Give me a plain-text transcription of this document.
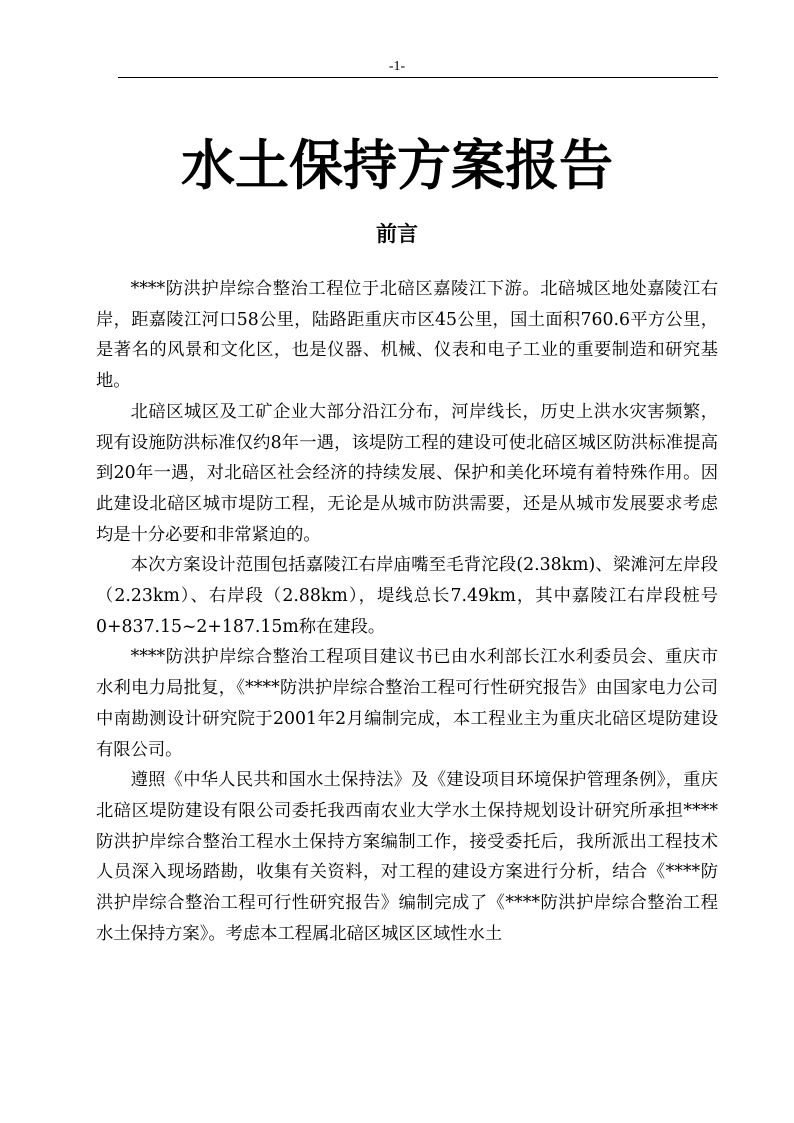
-1-
水土保持方案报告
前言

****防洪护岸综合整治工程位于北碚区嘉陵江下游。北碚城区地处嘉陵江右岸，距嘉陵江河口58公里，陆路距重庆市区45公里，国土面积760.6平方公里，是著名的风景和文化区，也是仪器、机械、仪表和电子工业的重要制造和研究基地。

北碚区城区及工矿企业大部分沿江分布，河岸线长，历史上洪水灾害频繁，现有设施防洪标准仅约8年一遇，该堤防工程的建设可使北碚区城区防洪标准提高到20年一遇，对北碚区社会经济的持续发展、保护和美化环境有着特殊作用。因此建设北碚区城市堤防工程，无论是从城市防洪需要，还是从城市发展要求考虑均是十分必要和非常紧迫的。

本次方案设计范围包括嘉陵江右岸庙嘴至毛背沱段(2.38km)、梁滩河左岸段（2.23km）、右岸段（2.88km），堤线总长7.49km，其中嘉陵江右岸段桩号0+837.15~2+187.15m称在建段。

****防洪护岸综合整治工程项目建议书已由水利部长江水利委员会、重庆市水利电力局批复，《****防洪护岸综合整治工程可行性研究报告》由国家电力公司中南勘测设计研究院于2001年2月编制完成，本工程业主为重庆北碚区堤防建设有限公司。

遵照《中华人民共和国水土保持法》及《建设项目环境保护管理条例》，重庆北碚区堤防建设有限公司委托我西南农业大学水土保持规划设计研究所承担****防洪护岸综合整治工程水土保持方案编制工作，接受委托后，我所派出工程技术人员深入现场踏勘，收集有关资料，对工程的建设方案进行分析，结合《****防洪护岸综合整治工程可行性研究报告》编制完成了《****防洪护岸综合整治工程水土保持方案》。考虑本工程属北碚区城区区域性水土
